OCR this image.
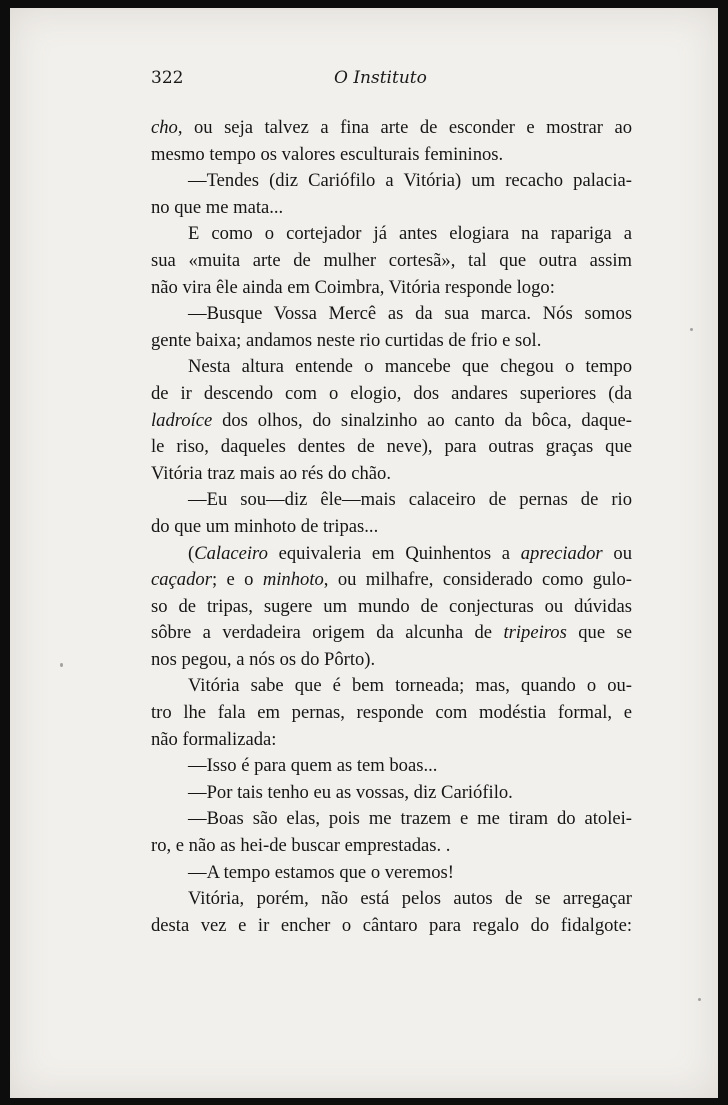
322	O Instituto
cho, ou seja talvez a fina arte de esconder e mostrar ao
mesmo tempo os valores esculturais femininos.
—Tendes (diz Cariófilo a Vitória) um recacho palacia-
no que me mata...
E como o cortejador já antes elogiara na rapariga a
sua «muita arte de mulher cortesã», tal que outra assim
não vira êle ainda em Coimbra, Vitória responde logo:
—Busque Vossa Mercê as da sua marca. Nós somos
gente baixa; andamos neste rio curtidas de frio e sol.
Nesta altura entende o mancebe que chegou o tempo
de ir descendo com o elogio, dos andares superiores (da
ladroíce dos olhos, do sinalzinho ao canto da bôca, daque-
le riso, daqueles dentes de neve), para outras graças que
Vitória traz mais ao rés do chão.
—Eu sou—diz êle—mais calaceiro de pernas de rio
do que um minhoto de tripas...
(Calaceiro equivaleria em Quinhentos a apreciador ou
caçador; e o minhoto, ou milhafre, considerado como gulo-
so de tripas, sugere um mundo de conjecturas ou dúvidas
sôbre a verdadeira origem da alcunha de tripeiros que se
nos pegou, a nós os do Pôrto).
Vitória sabe que é bem torneada; mas, quando o ou-
tro lhe fala em pernas, responde com modéstia formal, e
não formalizada:
—Isso é para quem as tem boas...
—Por tais tenho eu as vossas, diz Cariófilo.
—Boas são elas, pois me trazem e me tiram do atolei-
ro, e não as hei-de buscar emprestadas. .
—A tempo estamos que o veremos!
Vitória, porém, não está pelos autos de se arregaçar
desta vez e ir encher o cântaro para regalo do fidalgote:
